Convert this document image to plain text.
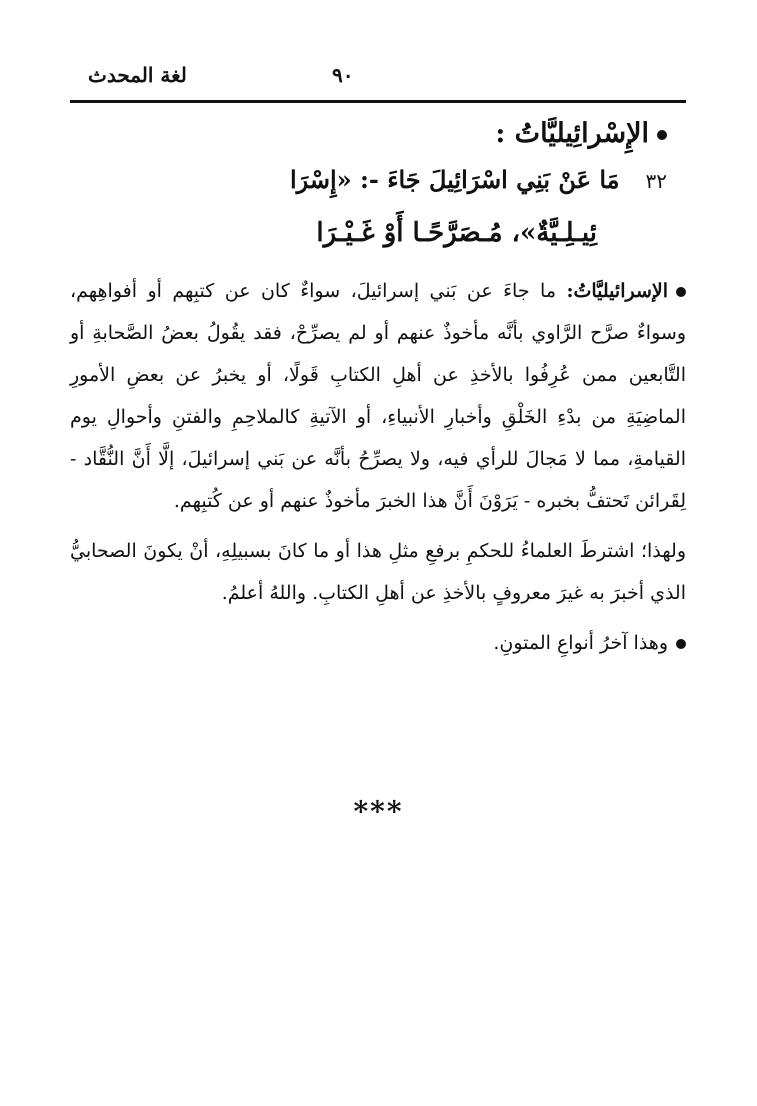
لغة المحدث	٩٠
الإِسْرائِيليَّاتُ :
٣٢مَا عَنْ بَنِي اسْرَائِيلَ جَاءَ -: «إِسْرَا
ئِيـلِـيَّةٌ»، مُـصَرَّحًـا أَوْ غَـيْـرَا

الإسرائيليَّاتُ: ما جاءَ عن بَني إسرائيلَ، سواءٌ كان عن كتبِهم أو أفواهِهم، وسواءٌ صرَّح الرَّاوي بأنَّه مأخوذٌ عنهم أو لم يصرِّحْ، فقد يقُولُ بعضُ الصَّحابةِ أو التَّابعين ممن عُرِفُوا بالأخذِ عن أهلِ الكتابِ قَولًا، أو يخبرُ عن بعضِ الأمورِ الماضِيَةِ من بدْءِ الخَلْقِ وأخبارِ الأنبياءِ، أو الآتيةِ كالملاحِمِ والفتنِ وأحوالِ يوم القيامةِ، مما لا مَجالَ للرأي فيه، ولا يصرِّحُ بأنَّه عن بَني إسرائيلَ، إلَّا أَنَّ النُّقَّاد - لِقَرائن تَحتفُّ بخبره - يَرَوْنَ أَنَّ هذا الخبرَ مأخوذٌ عنهم أو عن كُتبِهم.

ولهذا؛ اشترطَ العلماءُ للحكمِ برفعِ مثلِ هذا أو ما كانَ بسبيلِهِ، أنْ يكونَ الصحابيُّ الذي أخبرَ به غيرَ معروفٍ بالأخذِ عن أهلِ الكتابِ. واللهُ أعلمُ.

وهذا آخرُ أنواعِ المتونِ.

***
